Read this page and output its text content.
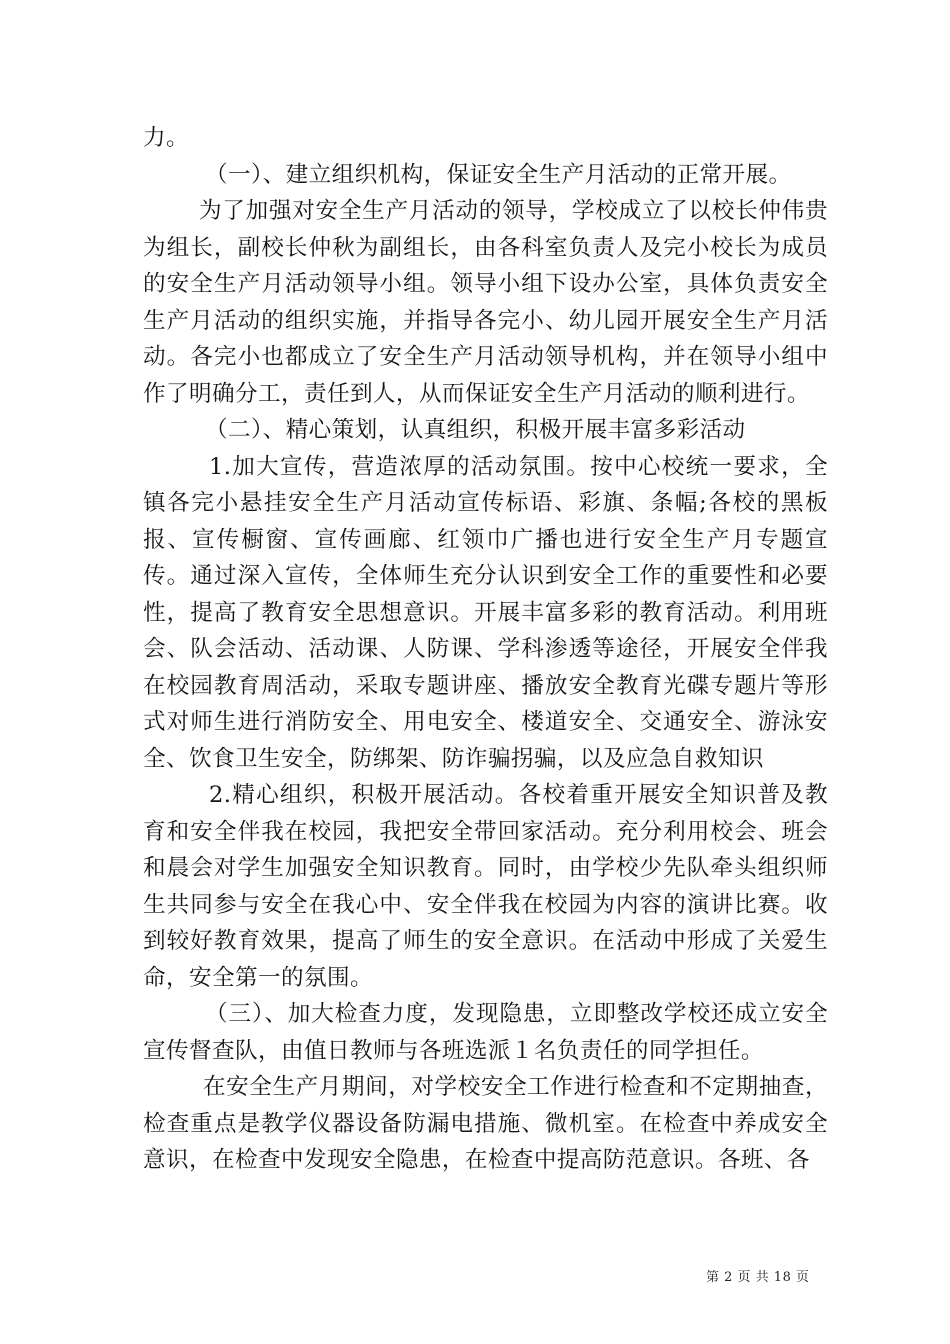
力。

（一）、建立组织机构，保证安全生产月活动的正常开展。

为了加强对安全生产月活动的领导，学校成立了以校长仲伟贵为组长，副校长仲秋为副组长，由各科室负责人及完小校长为成员的安全生产月活动领导小组。领导小组下设办公室，具体负责安全生产月活动的组织实施，并指导各完小、幼儿园开展安全生产月活动。各完小也都成立了安全生产月活动领导机构，并在领导小组中作了明确分工，责任到人，从而保证安全生产月活动的顺利进行。

（二）、精心策划，认真组织，积极开展丰富多彩活动

1.加大宣传，营造浓厚的活动氛围。按中心校统一要求，全镇各完小悬挂安全生产月活动宣传标语、彩旗、条幅;各校的黑板报、宣传橱窗、宣传画廊、红领巾广播也进行安全生产月专题宣传。通过深入宣传，全体师生充分认识到安全工作的重要性和必要性，提高了教育安全思想意识。开展丰富多彩的教育活动。利用班会、队会活动、活动课、人防课、学科渗透等途径，开展安全伴我在校园教育周活动，采取专题讲座、播放安全教育光碟专题片等形式对师生进行消防安全、用电安全、楼道安全、交通安全、游泳安全、饮食卫生安全，防绑架、防诈骗拐骗，以及应急自救知识

2.精心组织，积极开展活动。各校着重开展安全知识普及教育和安全伴我在校园，我把安全带回家活动。充分利用校会、班会和晨会对学生加强安全知识教育。同时，由学校少先队牵头组织师生共同参与安全在我心中、安全伴我在校园为内容的演讲比赛。收到较好教育效果，提高了师生的安全意识。在活动中形成了关爱生命，安全第一的氛围。

（三）、加大检查力度，发现隐患，立即整改学校还成立安全宣传督查队，由值日教师与各班选派１名负责任的同学担任。

在安全生产月期间，对学校安全工作进行检查和不定期抽查，检查重点是教学仪器设备防漏电措施、微机室。在检查中养成安全意识，在检查中发现安全隐患，在检查中提高防范意识。各班、各

第 2 页 共 18 页
